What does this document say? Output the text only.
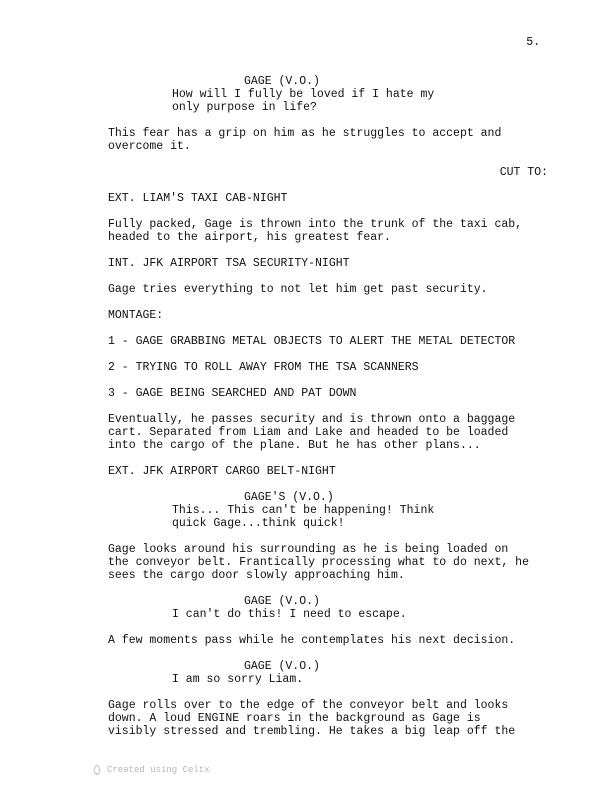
5.
GAGE (V.O.)
How will I fully be loved if I hate my
only purpose in life?
This fear has a grip on him as he struggles to accept and
overcome it.
CUT TO:
EXT. LIAM'S TAXI CAB-NIGHT
Fully packed, Gage is thrown into the trunk of the taxi cab,
headed to the airport, his greatest fear.
INT. JFK AIRPORT TSA SECURITY-NIGHT
Gage tries everything to not let him get past security.
MONTAGE:
1 - GAGE GRABBING METAL OBJECTS TO ALERT THE METAL DETECTOR
2 - TRYING TO ROLL AWAY FROM THE TSA SCANNERS
3 - GAGE BEING SEARCHED AND PAT DOWN
Eventually, he passes security and is thrown onto a baggage
cart. Separated from Liam and Lake and headed to be loaded
into the cargo of the plane. But he has other plans...
EXT. JFK AIRPORT CARGO BELT-NIGHT
GAGE'S (V.O.)
This... This can't be happening! Think
quick Gage...think quick!
Gage looks around his surrounding as he is being loaded on
the conveyor belt. Frantically processing what to do next, he
sees the cargo door slowly approaching him.
GAGE (V.O.)
I can't do this! I need to escape.
A few moments pass while he contemplates his next decision.
GAGE (V.O.)
I am so sorry Liam.
Gage rolls over to the edge of the conveyor belt and looks
down. A loud ENGINE roars in the background as Gage is
visibly stressed and trembling. He takes a big leap off the
Created using Celtx
